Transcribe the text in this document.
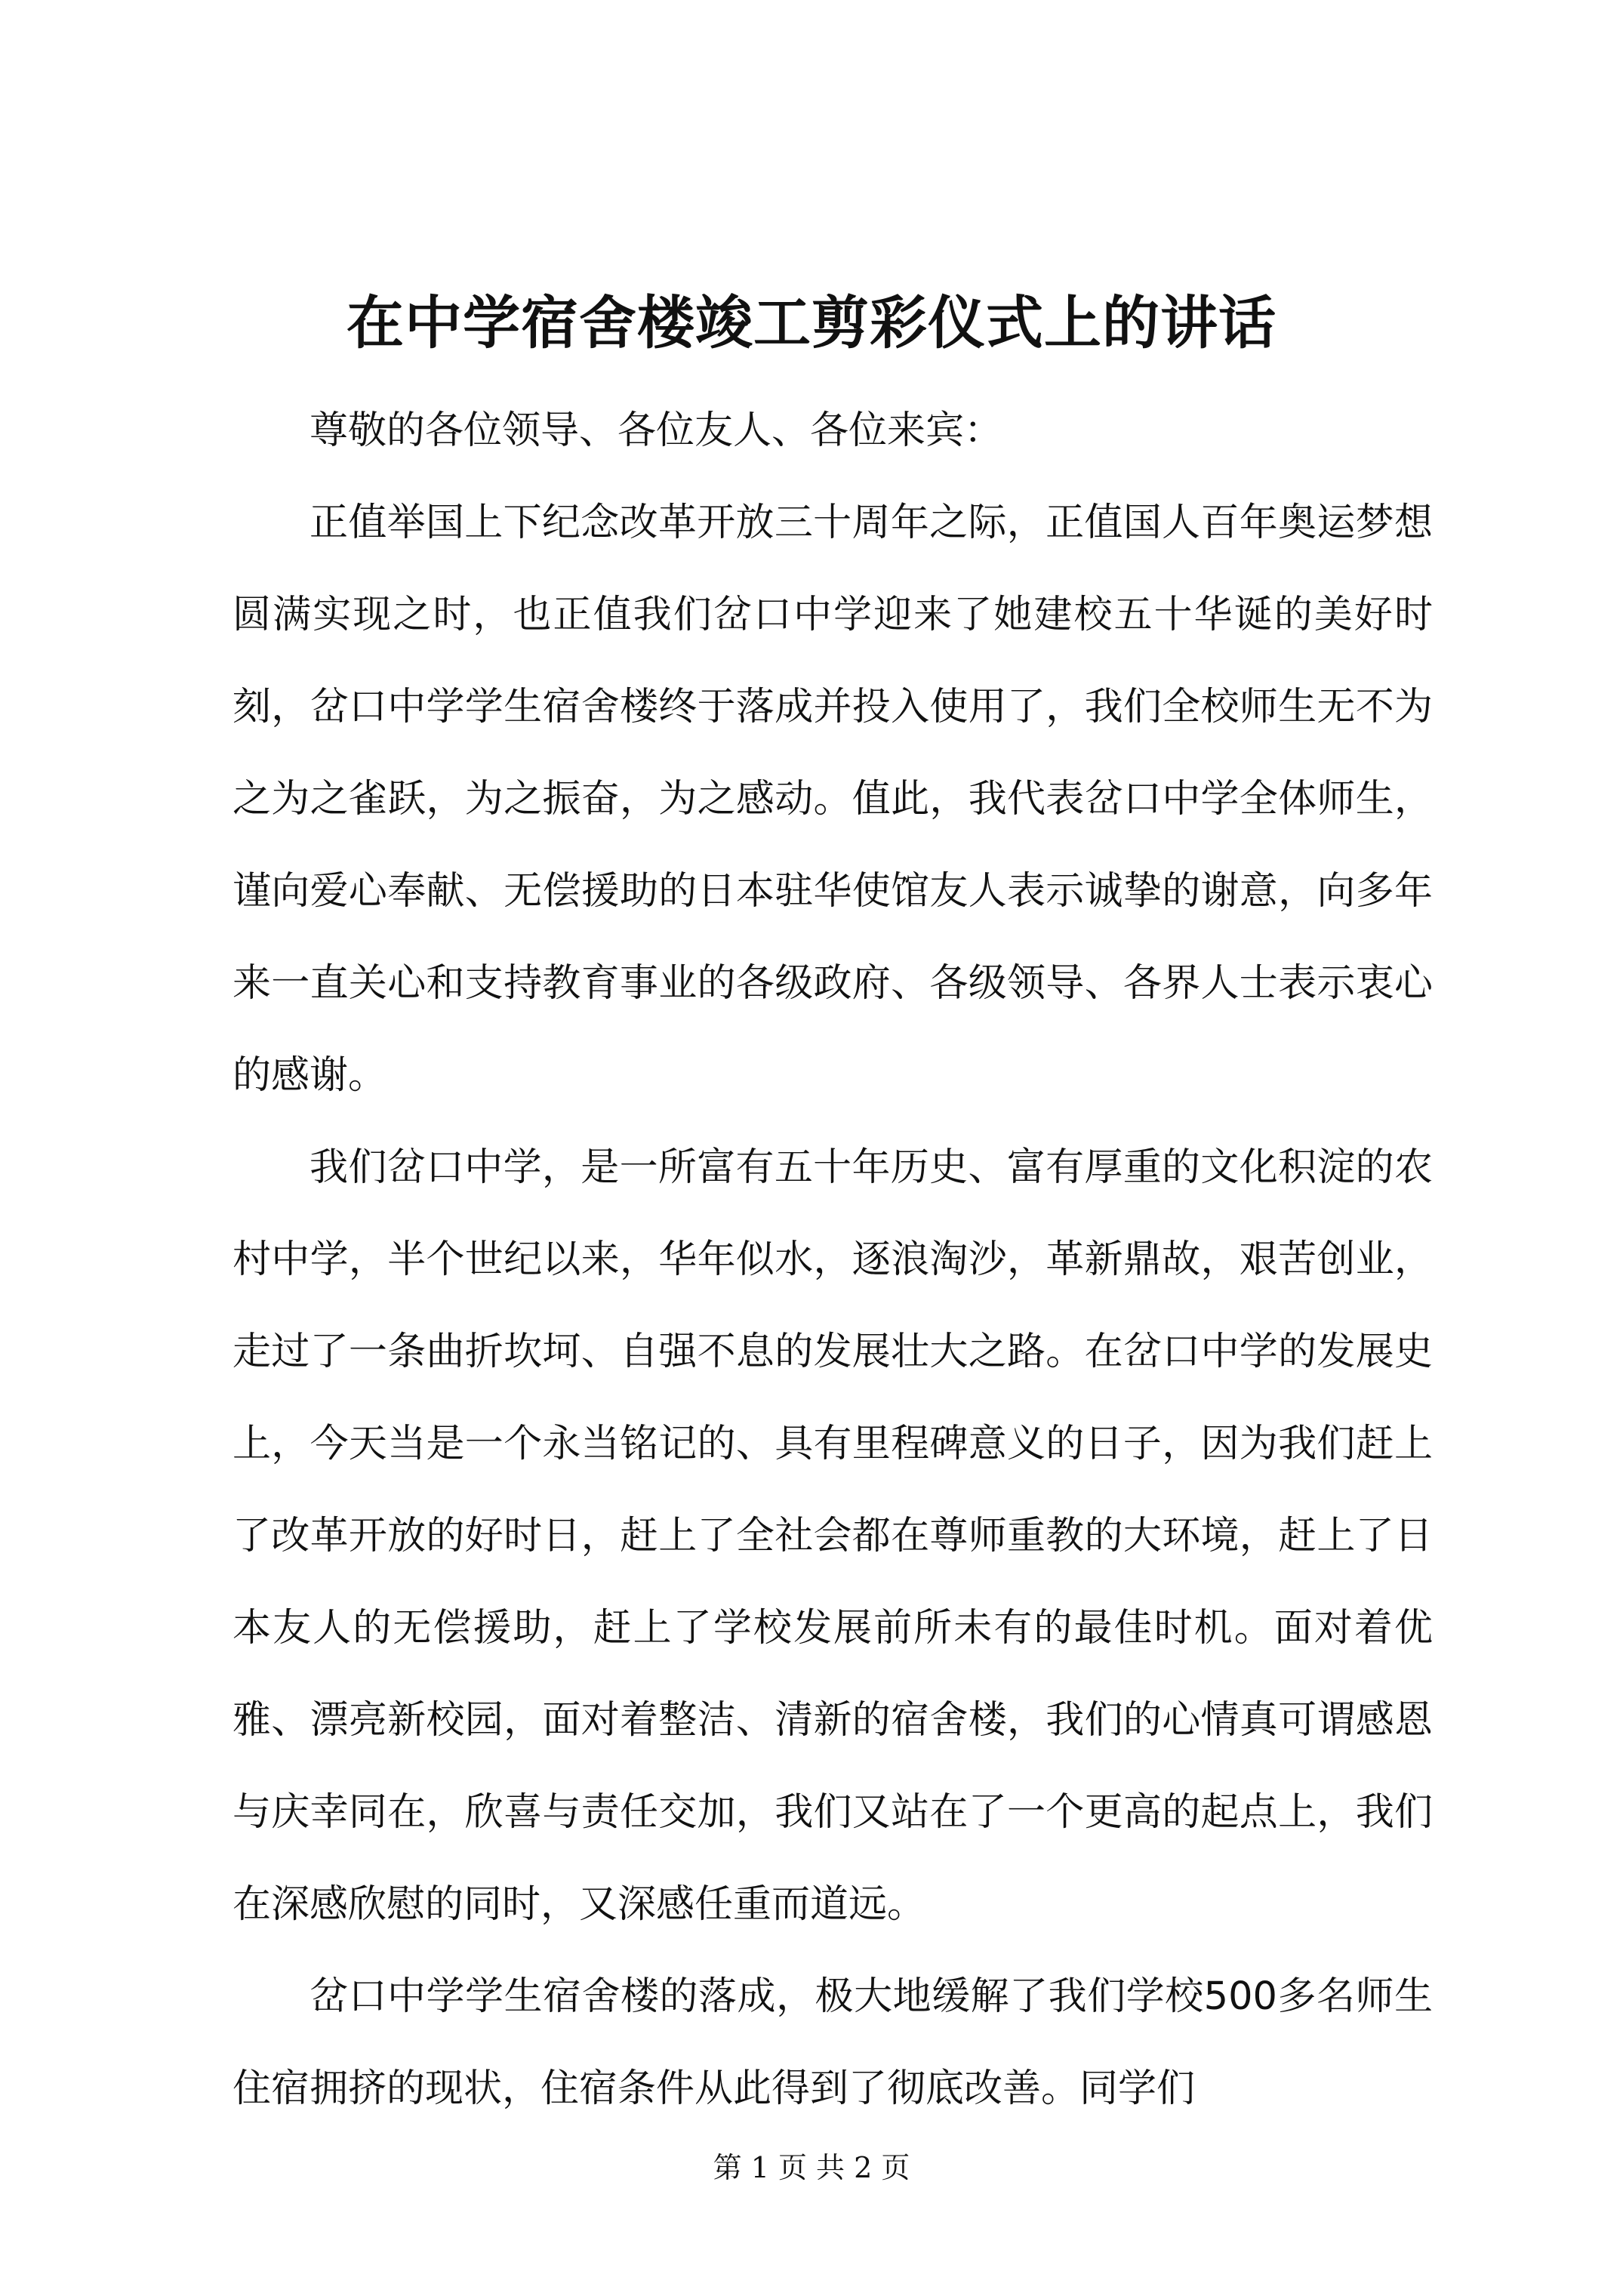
在中学宿舍楼竣工剪彩仪式上的讲话

尊敬的各位领导、各位友人、各位来宾：

正值举国上下纪念改革开放三十周年之际，正值国人百年奥运梦想圆满实现之时，也正值我们岔口中学迎来了她建校五十华诞的美好时刻，岔口中学学生宿舍楼终于落成并投入使用了，我们全校师生无不为之为之雀跃，为之振奋，为之感动。值此，我代表岔口中学全体师生，谨向爱心奉献、无偿援助的日本驻华使馆友人表示诚挚的谢意，向多年来一直关心和支持教育事业的各级政府、各级领导、各界人士表示衷心的感谢。

我们岔口中学，是一所富有五十年历史、富有厚重的文化积淀的农村中学，半个世纪以来，华年似水，逐浪淘沙，革新鼎故，艰苦创业，走过了一条曲折坎坷、自强不息的发展壮大之路。在岔口中学的发展史上，今天当是一个永当铭记的、具有里程碑意义的日子，因为我们赶上了改革开放的好时日，赶上了全社会都在尊师重教的大环境，赶上了日本友人的无偿援助，赶上了学校发展前所未有的最佳时机。面对着优雅、漂亮新校园，面对着整洁、清新的宿舍楼，我们的心情真可谓感恩与庆幸同在，欣喜与责任交加，我们又站在了一个更高的起点上，我们在深感欣慰的同时，又深感任重而道远。

岔口中学学生宿舍楼的落成，极大地缓解了我们学校500多名师生住宿拥挤的现状，住宿条件从此得到了彻底改善。同学们

第 1 页 共 2 页
